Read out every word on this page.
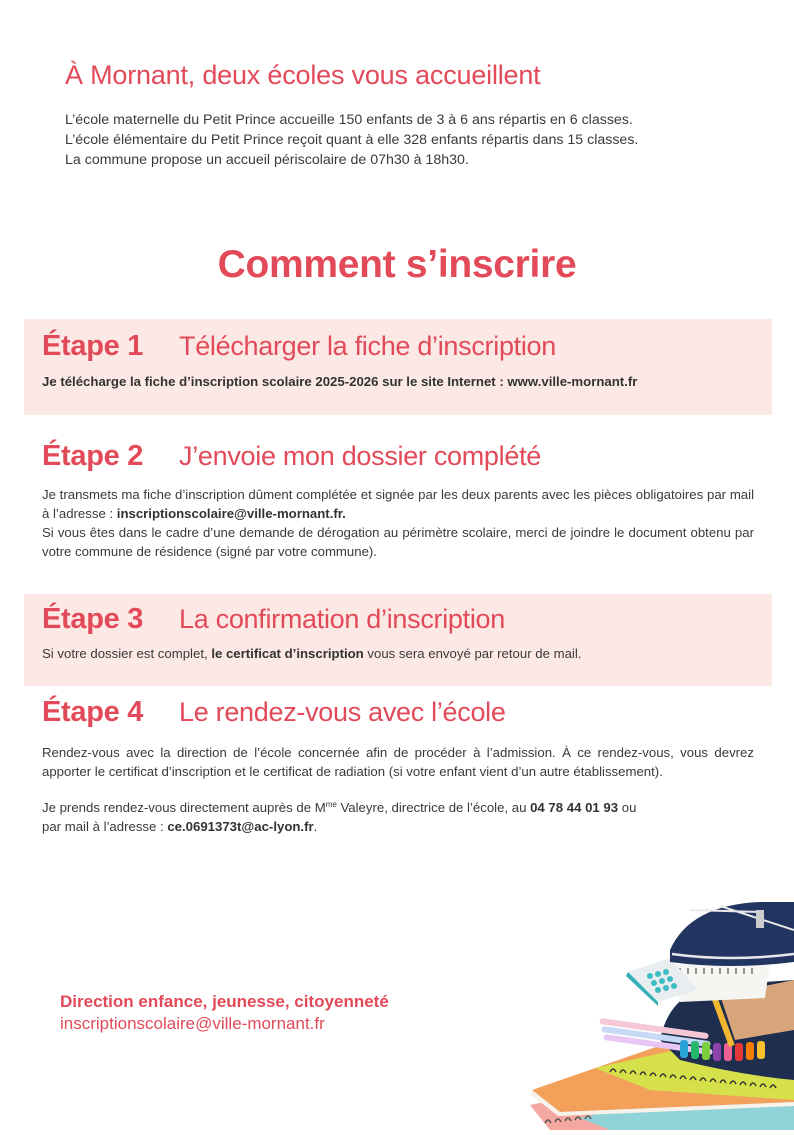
À Mornant, deux écoles vous accueillent
L’école maternelle du Petit Prince accueille 150 enfants de 3 à 6 ans répartis en 6 classes.
L’école élémentaire du Petit Prince reçoit quant à elle 328 enfants répartis dans 15 classes.
La commune propose un accueil périscolaire de 07h30 à 18h30.
Comment s’inscrire
Étape 1	Télécharger la fiche d’inscription
Je télécharge la fiche d’inscription scolaire 2025-2026 sur le site Internet : www.ville-mornant.fr
Étape 2	J’envoie mon dossier complété

Je transmets ma fiche d’inscription dûment complétée et signée par les deux parents avec les pièces obligatoires par mail à l’adresse : inscriptionscolaire@ville-mornant.fr.

Si vous êtes dans le cadre d’une demande de dérogation au périmètre scolaire, merci de joindre le document obtenu par votre commune de résidence (signé par votre commune).

Étape 3	La confirmation d’inscription

Si votre dossier est complet, le certificat d’inscription vous sera envoyé par retour de mail.

Étape 4	Le rendez-vous avec l’école

Rendez-vous avec la direction de l’école concernée afin de procéder à l’admission. À ce rendez-vous, vous devrez apporter le certificat d’inscription et le certificat de radiation (si votre enfant vient d’un autre établissement).

Je prends rendez-vous directement auprès de $M^{me}$ Valeyre, directrice de l’école, au 04 78 44 01 93 ou
par mail à l’adresse : ce.0691373t@ac-lyon.fr.

Direction enfance, jeunesse, citoyenneté
inscriptionscolaire@ville-mornant.fr
